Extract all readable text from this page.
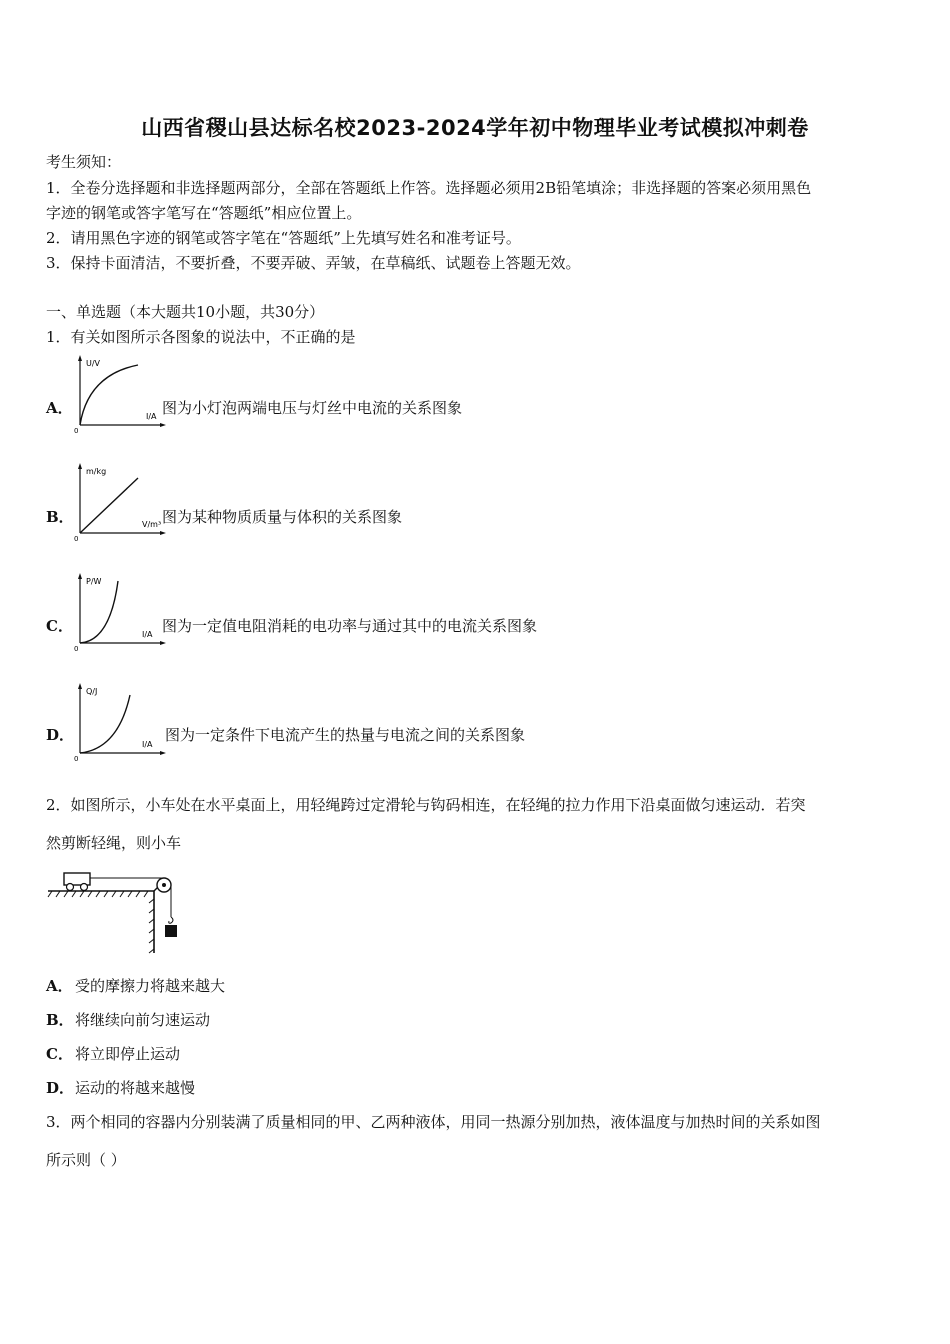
山西省稷山县达标名校2023-2024学年初中物理毕业考试模拟冲刺卷
考生须知：
1．全卷分选择题和非选择题两部分，全部在答题纸上作答。选择题必须用2B铅笔填涂；非选择题的答案必须用黑色
字迹的钢笔或答字笔写在“答题纸”相应位置上。
2．请用黑色字迹的钢笔或答字笔在“答题纸”上先填写姓名和准考证号。
3．保持卡面清洁，不要折叠，不要弄破、弄皱，在草稿纸、试题卷上答题无效。
一、单选题（本大题共10小题，共30分）
1．有关如图所示各图象的说法中，不正确的是
U/V
I/A
0
A．	图为小灯泡两端电压与灯丝中电流的关系图象
m/kg
V/m³
0
B．	图为某种物质质量与体积的关系图象
P/W
I/A
0
C．	图为一定值电阻消耗的电功率与通过其中的电流关系图象
Q/J
I/A
0
D．	图为一定条件下电流产生的热量与电流之间的关系图象
2．如图所示，小车处在水平桌面上，用轻绳跨过定滑轮与钩码相连，在轻绳的拉力作用下沿桌面做匀速运动．若突
然剪断轻绳，则小车
A． 受的摩擦力将越来越大
B． 将继续向前匀速运动
C． 将立即停止运动
D． 运动的将越来越慢
3．两个相同的容器内分别装满了质量相同的甲、乙两种液体，用同一热源分别加热，液体温度与加热时间的关系如图
所示则（ ）
